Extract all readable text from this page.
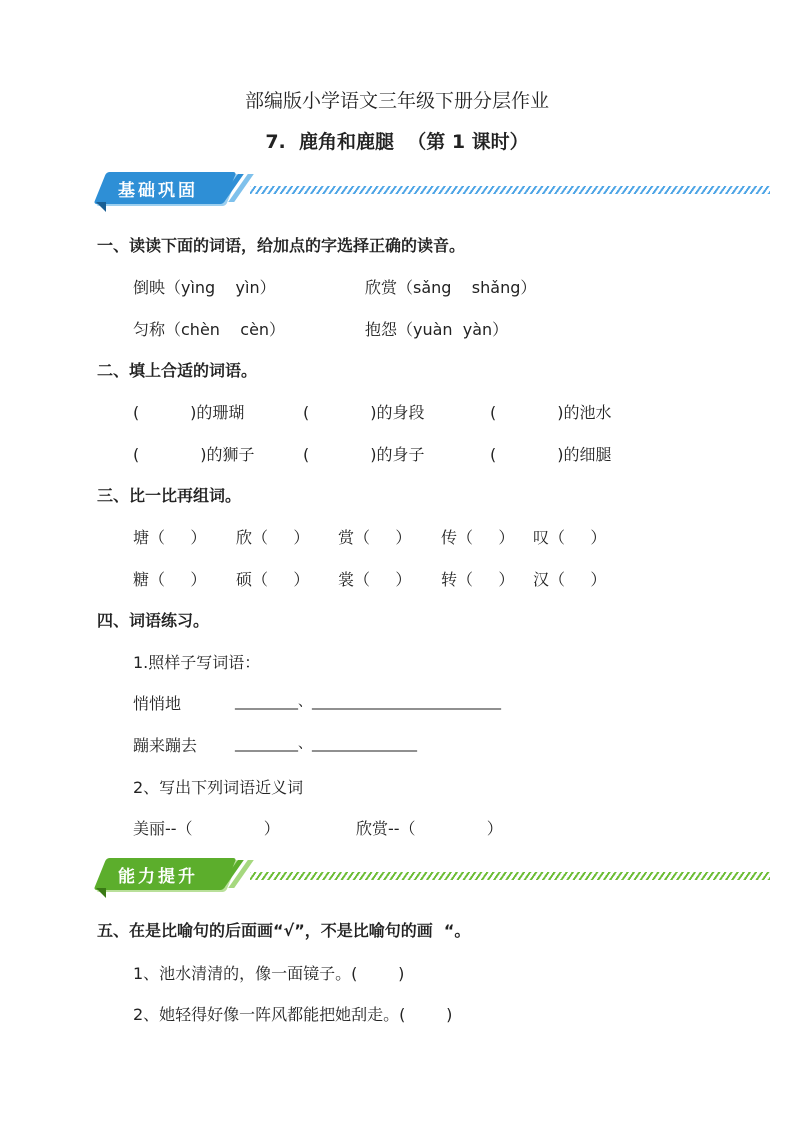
部编版小学语文三年级下册分层作业
7.  鹿角和鹿腿  （第 1 课时）
基础巩固
一、读读下面的词语，给加点的字选择正确的读音。
倒映（yìng    yìn）	欣赏（sǎng    shǎng）
匀称（chèn    cèn）	抱怨（yuàn  yàn）
二、填上合适的词语。
(          )的珊瑚	(            )的身段	(            )的池水
(            )的狮子	(            )的身子	(            )的细腿
三、比一比再组词。
塘（     ） 欣（     ） 赏（     ） 传（     ） 叹（     ）
糖（     ） 硕（     ） 裳（     ） 转（     ） 汉（     ）
四、词语练习。
1.照样子写词语：
悄悄地	_________、___________________________
蹦来蹦去	_________、_______________
2、写出下列词语近义词
美丽--（              ）	欣赏--（              ）
能力提升
五、在是比喻句的后面画“√”，不是比喻句的画  “。
1、池水清清的，像一面镜子。(        )
2、她轻得好像一阵风都能把她刮走。(        )
